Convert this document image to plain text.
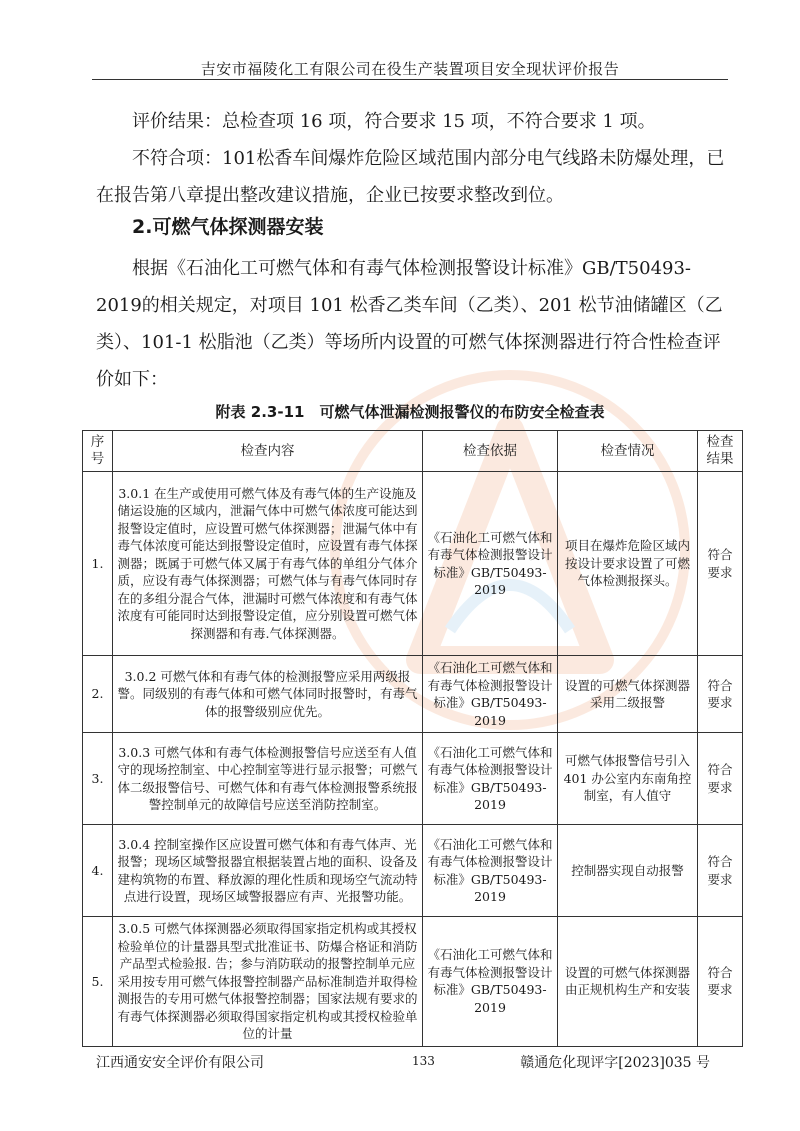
吉安市福陵化工有限公司在役生产装置项目安全现状评价报告

评价结果：总检查项 16 项，符合要求 15 项，不符合要求 1 项。

不符合项：101松香车间爆炸危险区域范围内部分电气线路未防爆处理，已在报告第八章提出整改建议措施，企业已按要求整改到位。

2.可燃气体探测器安装

根据《石油化工可燃气体和有毒气体检测报警设计标准》GB/T50493-2019的相关规定，对项目 101 松香乙类车间（乙类）、201 松节油储罐区（乙类）、101-1 松脂池（乙类）等场所内设置的可燃气体探测器进行符合性检查评价如下：

附表 2.3-11　可燃气体泄漏检测报警仪的布防安全检查表
序号	检查内容	检查依据	检查情况	检查结果
1.	3.0.1 在生产或使用可燃气体及有毒气体的生产设施及储运设施的区域内，泄漏气体中可燃气体浓度可能达到报警设定值时，应设置可燃气体探测器；泄漏气体中有毒气体浓度可能达到报警设定值时，应设置有毒气体探测器；既属于可燃气体又属于有毒气体的单组分气体介质，应设有毒气体探测器；可燃气体与有毒气体同时存在的多组分混合气体，泄漏时可燃气体浓度和有毒气体浓度有可能同时达到报警设定值，应分别设置可燃气体探测器和有毒.气体探测器。	《石油化工可燃气体和有毒气体检测报警设计标准》GB/T50493-2019	项目在爆炸危险区域内按设计要求设置了可燃气体检测报探头。	符合要求
2.	3.0.2 可燃气体和有毒气体的检测报警应采用两级报警。同级别的有毒气体和可燃气体同时报警时，有毒气体的报警级别应优先。	《石油化工可燃气体和有毒气体检测报警设计标准》GB/T50493-2019	设置的可燃气体探测器采用二级报警	符合要求
3.	3.0.3 可燃气体和有毒气体检测报警信号应送至有人值守的现场控制室、中心控制室等进行显示报警；可燃气体二级报警信号、可燃气体和有毒气体检测报警系统报警控制单元的故障信号应送至消防控制室。	《石油化工可燃气体和有毒气体检测报警设计标准》GB/T50493-2019	可燃气体报警信号引入 401 办公室内东南角控制室，有人值守	符合要求
4.	3.0.4 控制室操作区应设置可燃气体和有毒气体声、光报警；现场区域警报器宜根据装置占地的面积、设备及建构筑物的布置、释放源的理化性质和现场空气流动特点进行设置，现场区域警报器应有声、光报警功能。	《石油化工可燃气体和有毒气体检测报警设计标准》GB/T50493-2019	控制器实现自动报警	符合要求
5.	3.0.5 可燃气体探测器必须取得国家指定机构或其授权检验单位的计量器具型式批准证书、防爆合格证和消防产品型式检验报. 告；参与消防联动的报警控制单元应采用按专用可燃气体报警控制器产品标准制造并取得检测报告的专用可燃气体报警控制器；国家法规有要求的有毒气体探测器必须取得国家指定机构或其授权检验单位的计量	《石油化工可燃气体和有毒气体检测报警设计标准》GB/T50493-2019	设置的可燃气体探测器由正规机构生产和安装	符合要求
江西通安安全评价有限公司	133	赣通危化现评字[2023]035 号
